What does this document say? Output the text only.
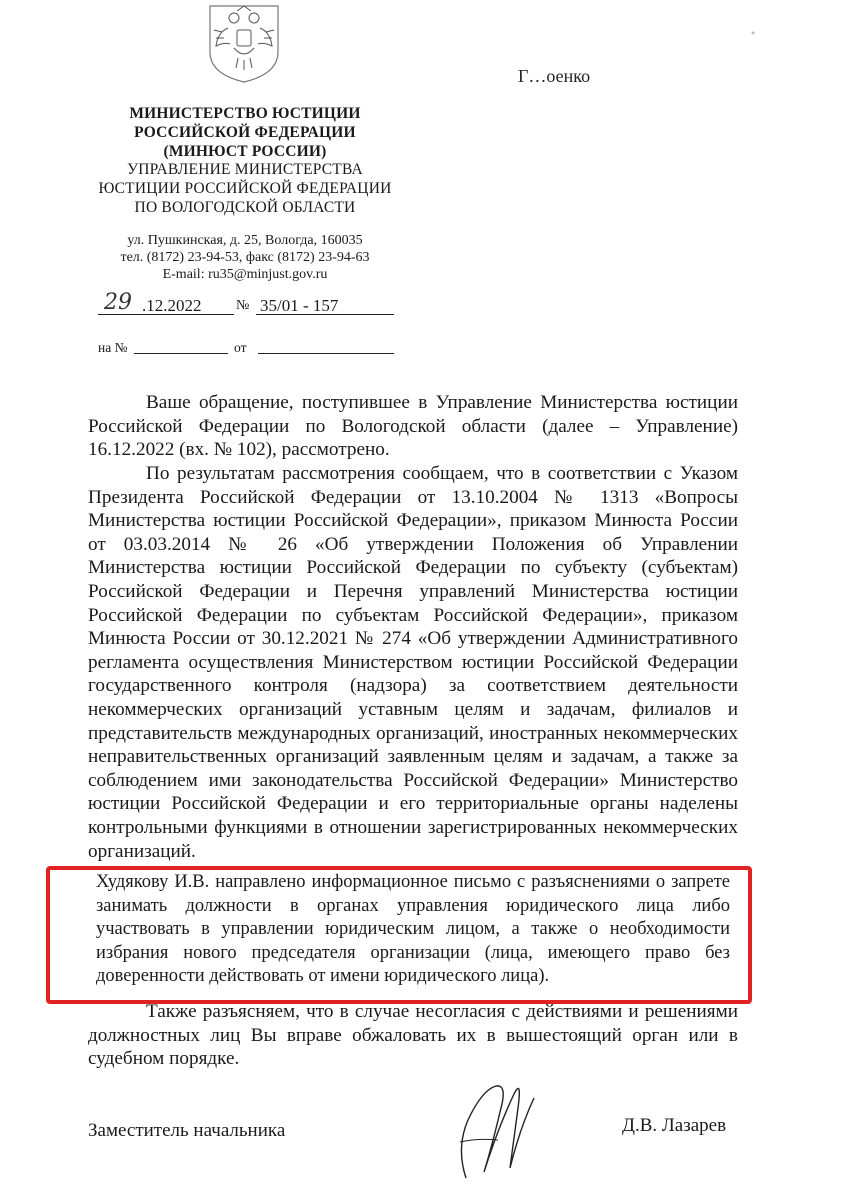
Г…оенко
МИНИСТЕРСТВО ЮСТИЦИИ
РОССИЙСКОЙ ФЕДЕРАЦИИ
(МИНЮСТ РОССИИ)
УПРАВЛЕНИЕ МИНИСТЕРСТВА
ЮСТИЦИИ РОССИЙСКОЙ ФЕДЕРАЦИИ
ПО ВОЛОГОДСКОЙ ОБЛАСТИ
ул. Пушкинская, д. 25, Вологда, 160035
тел. (8172) 23-94-53, факс (8172) 23-94-63
E-mail: ru35@minjust.gov.ru
29 .12.2022 № 35/01 - 157
на №	от
Ваше обращение, поступившее в Управление Министерства юстиции Российской Федерации по Вологодской области (далее – Управление) 16.12.2022 (вх. № 102), рассмотрено.
По результатам рассмотрения сообщаем, что в соответствии с Указом Президента Российской Федерации от 13.10.2004 № 1313 «Вопросы Министерства юстиции Российской Федерации», приказом Минюста России от 03.03.2014 № 26 «Об утверждении Положения об Управлении Министерства юстиции Российской Федерации по субъекту (субъектам) Российской Федерации и Перечня управлений Министерства юстиции Российской Федерации по субъектам Российской Федерации», приказом Минюста России от 30.12.2021 № 274 «Об утверждении Административного регламента осуществления Министерством юстиции Российской Федерации государственного контроля (надзора) за соответствием деятельности некоммерческих организаций уставным целям и задачам, филиалов и представительств международных организаций, иностранных некоммерческих неправительственных организаций заявленным целям и задачам, а также за соблюдением ими законодательства Российской Федерации» Министерство юстиции Российской Федерации и его территориальные органы наделены контрольными функциями в отношении зарегистрированных некоммерческих организаций.
Худякову И.В. направлено информационное письмо с разъяснениями о запрете занимать должности в органах управления юридического лица либо участвовать в управлении юридическим лицом, а также о необходимости избрания нового председателя организации (лица, имеющего право без доверенности действовать от имени юридического лица).
Также разъясняем, что в случае несогласия с действиями и решениями должностных лиц Вы вправе обжаловать их в вышестоящий орган или в судебном порядке.
Заместитель начальника	Д.В. Лазарев
